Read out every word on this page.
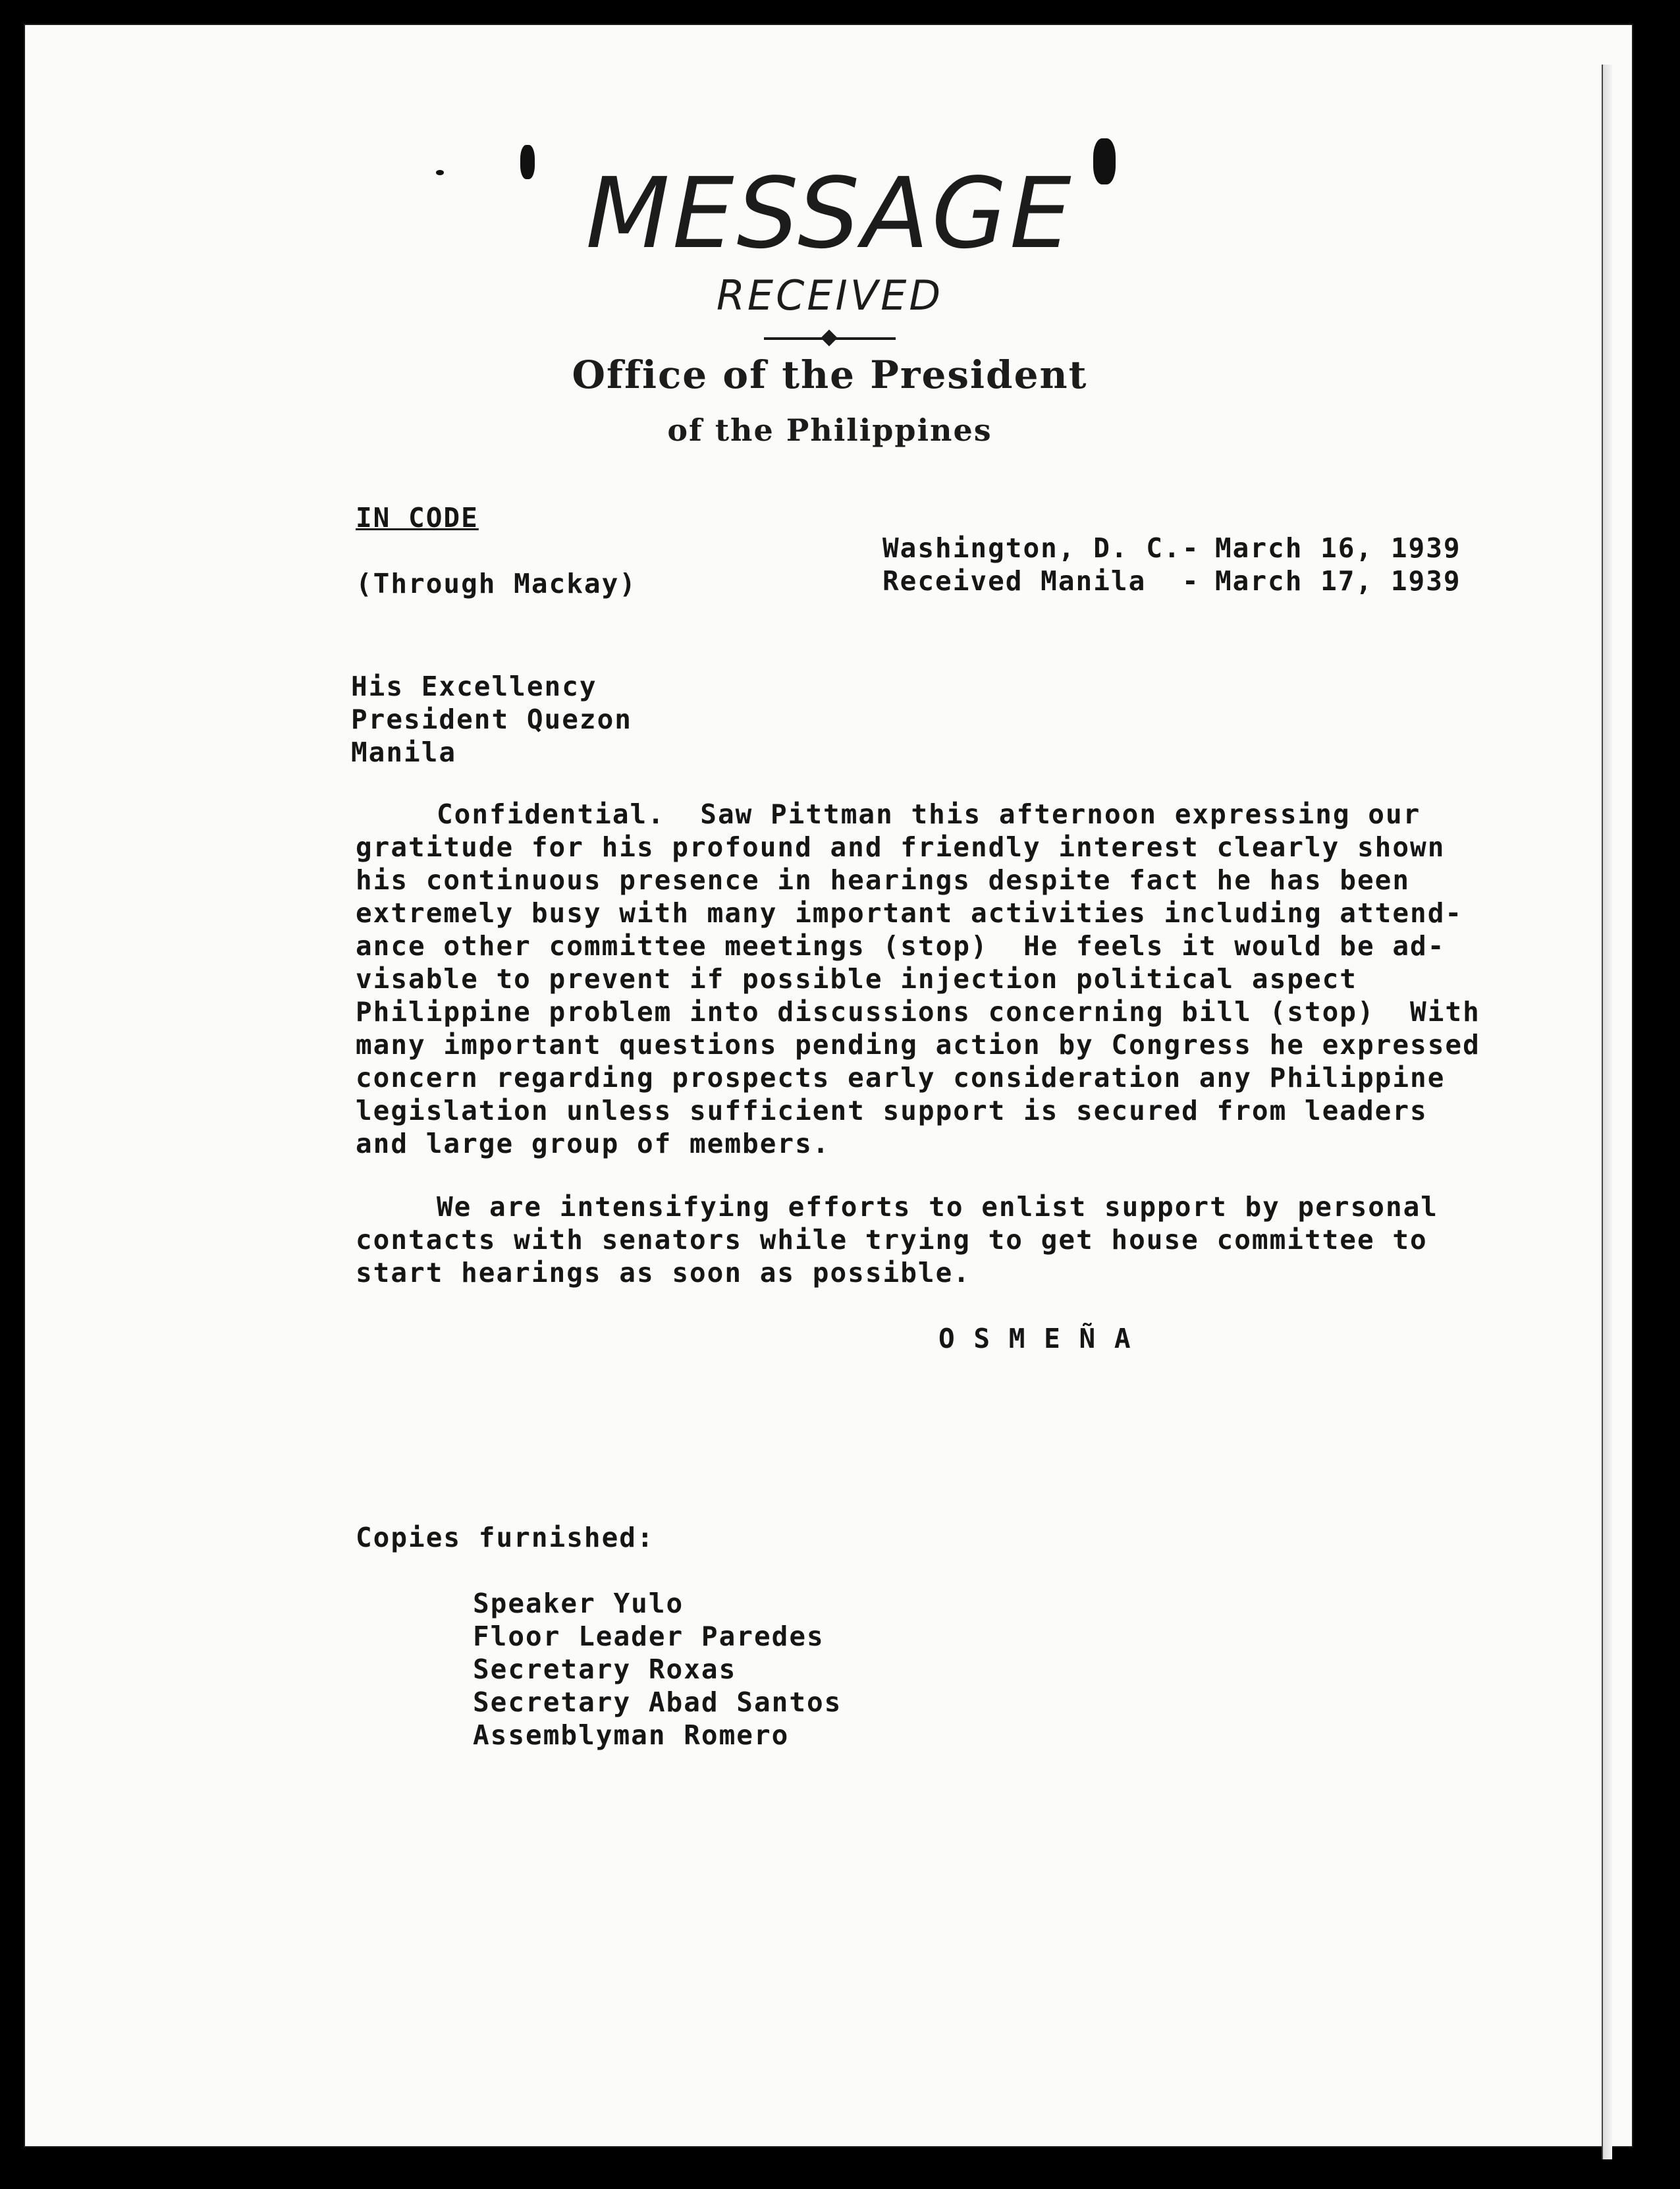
MESSAGE
RECEIVED
Office of the President
of the Philippines
IN CODE
(Through Mackay)
Washington, D. C. - March 16, 1939
Received Manila - March 17, 1939
His Excellency
President Quezon
Manila
Confidential.  Saw Pittman this afternoon expressing our
gratitude for his profound and friendly interest clearly shown
his continuous presence in hearings despite fact he has been
extremely busy with many important activities including attend-
ance other committee meetings (stop)  He feels it would be ad-
visable to prevent if possible injection political aspect
Philippine problem into discussions concerning bill (stop)  With
many important questions pending action by Congress he expressed
concern regarding prospects early consideration any Philippine
legislation unless sufficient support is secured from leaders
and large group of members.
We are intensifying efforts to enlist support by personal
contacts with senators while trying to get house committee to
start hearings as soon as possible.
O S M E Ñ A
Copies furnished:
Speaker Yulo
Floor Leader Paredes
Secretary Roxas
Secretary Abad Santos
Assemblyman Romero
